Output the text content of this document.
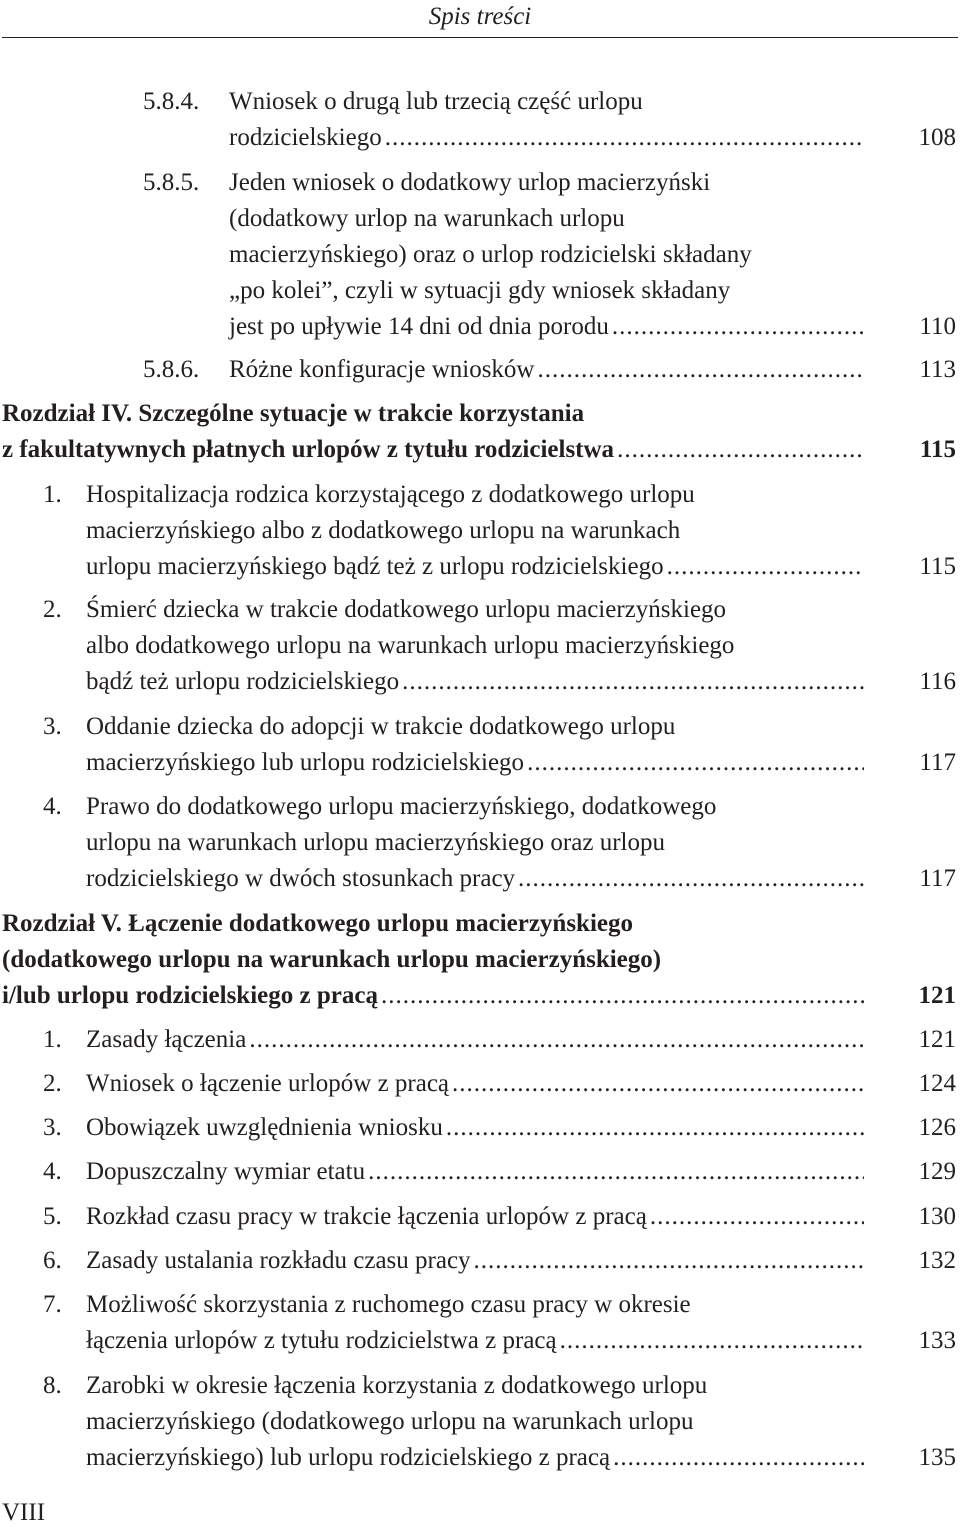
Spis treści
5.8.4. Wniosek o drugą lub trzecią część urlopu
rodzicielskiego .....	108
5.8.5. Jeden wniosek o dodatkowy urlop macierzyński
(dodatkowy urlop na warunkach urlopu
macierzyńskiego) oraz o urlop rodzicielski składany
„po kolei”, czyli w sytuacji gdy wniosek składany
jest po upływie 14 dni od dnia porodu .....	110
5.8.6. Różne konfiguracje wniosków .....	113
Rozdział IV. Szczególne sytuacje w trakcie korzystania
z fakultatywnych płatnych urlopów z tytułu rodzicielstwa .....	115
1. Hospitalizacja rodzica korzystającego z dodatkowego urlopu
macierzyńskiego albo z dodatkowego urlopu na warunkach
urlopu macierzyńskiego bądź też z urlopu rodzicielskiego .....	115
2. Śmierć dziecka w trakcie dodatkowego urlopu macierzyńskiego
albo dodatkowego urlopu na warunkach urlopu macierzyńskiego
bądź też urlopu rodzicielskiego .....	116
3. Oddanie dziecka do adopcji w trakcie dodatkowego urlopu
macierzyńskiego lub urlopu rodzicielskiego .....	117
4. Prawo do dodatkowego urlopu macierzyńskiego, dodatkowego
urlopu na warunkach urlopu macierzyńskiego oraz urlopu
rodzicielskiego w dwóch stosunkach pracy .....	117
Rozdział V. Łączenie dodatkowego urlopu macierzyńskiego
(dodatkowego urlopu na warunkach urlopu macierzyńskiego)
i/lub urlopu rodzicielskiego z pracą .....	121
1. Zasady łączenia .....	121
2. Wniosek o łączenie urlopów z pracą .....	124
3. Obowiązek uwzględnienia wniosku .....	126
4. Dopuszczalny wymiar etatu .....	129
5. Rozkład czasu pracy w trakcie łączenia urlopów z pracą .....	130
6. Zasady ustalania rozkładu czasu pracy .....	132
7. Możliwość skorzystania z ruchomego czasu pracy w okresie
łączenia urlopów z tytułu rodzicielstwa z pracą .....	133
8. Zarobki w okresie łączenia korzystania z dodatkowego urlopu
macierzyńskiego (dodatkowego urlopu na warunkach urlopu
macierzyńskiego) lub urlopu rodzicielskiego z pracą .....	135
VIII
